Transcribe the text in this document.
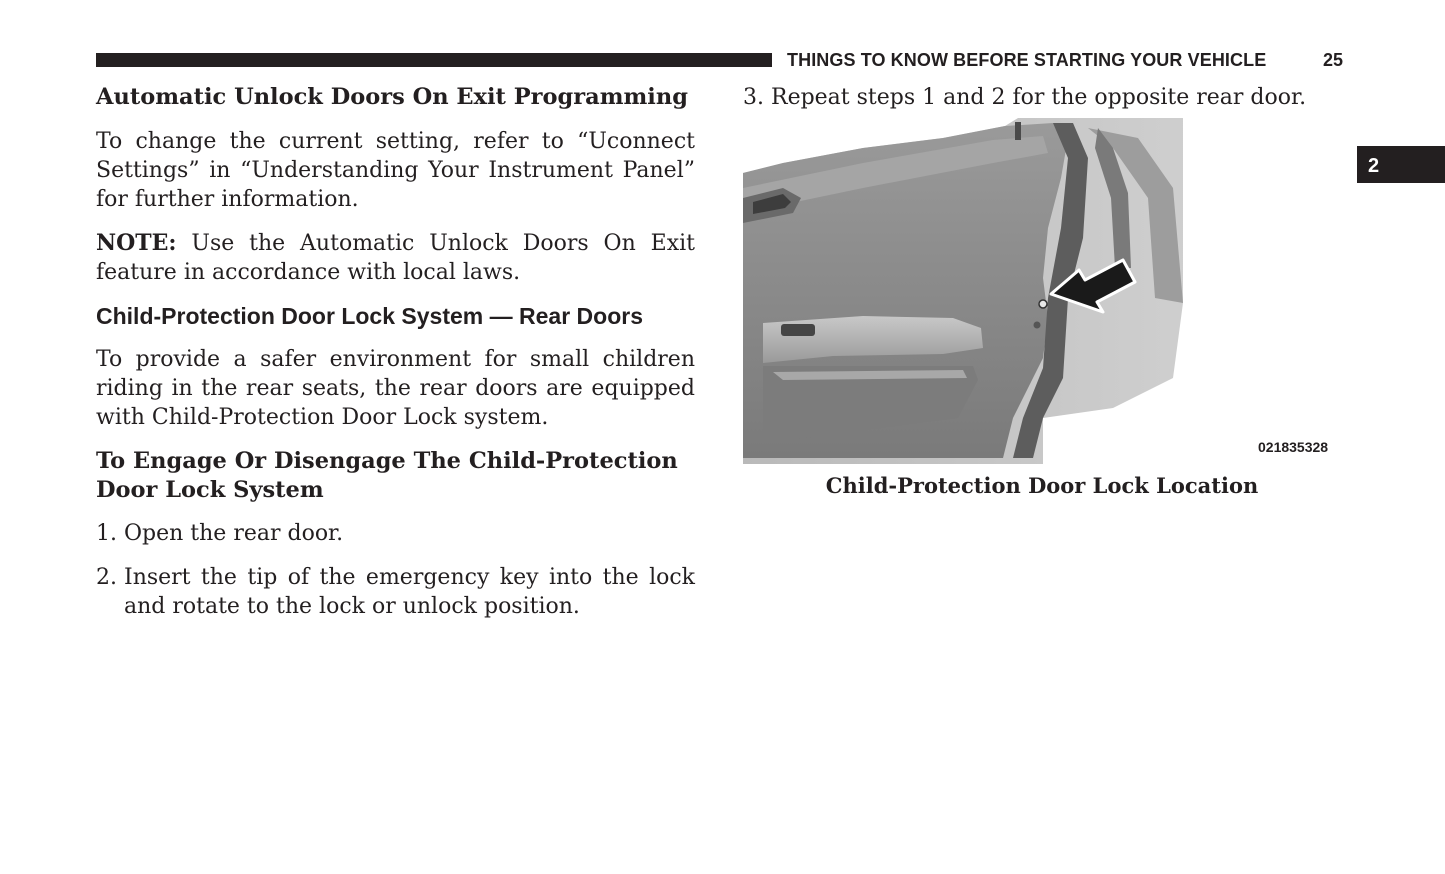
THINGS TO KNOW BEFORE STARTING YOUR VEHICLE	25
2
Automatic Unlock Doors On Exit Programming

To change the current setting, refer to “Uconnect Settings” in “Understanding Your Instrument Panel” for further information.

NOTE: Use the Automatic Unlock Doors On Exit feature in accordance with local laws.

Child-Protection Door Lock System — Rear Doors

To provide a safer environment for small children riding in the rear seats, the rear doors are equipped with Child-Protection Door Lock system.

To Engage Or Disengage The Child-Protection Door Lock System
1. Open the rear door.
2. Insert the tip of the emergency key into the lock and rotate to the lock or unlock position.
3. Repeat steps 1 and 2 for the opposite rear door.
021835328
Child-Protection Door Lock Location
